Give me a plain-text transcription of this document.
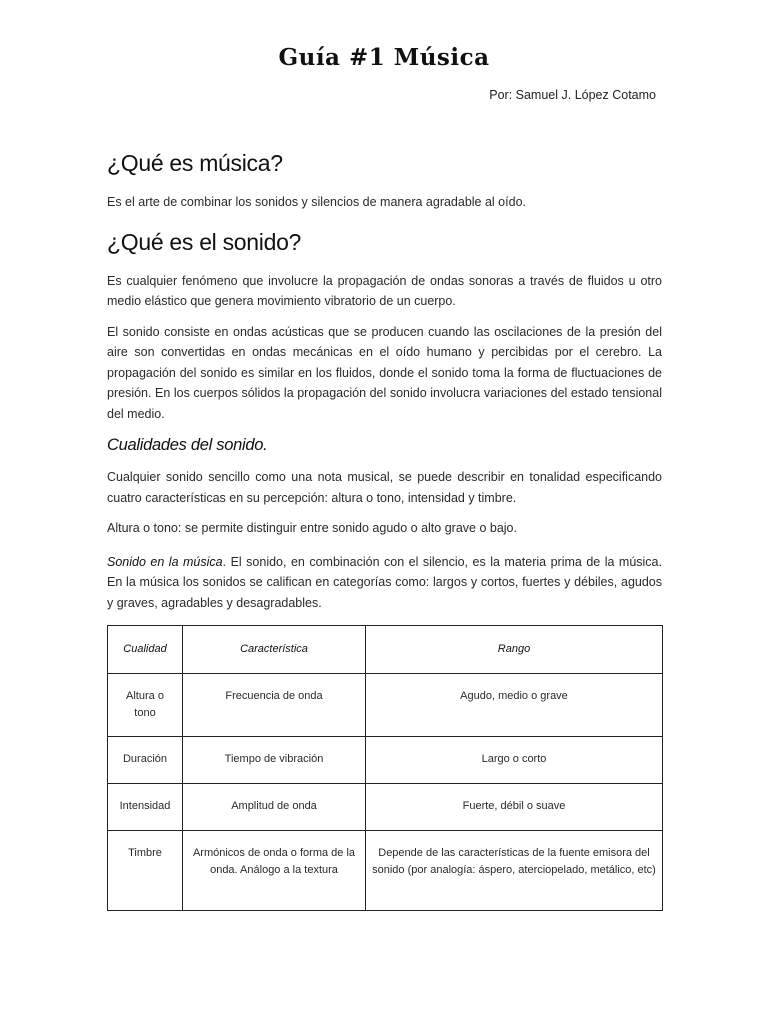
Guía #1 Música
Por: Samuel J. López Cotamo
¿Qué es música?

Es el arte de combinar los sonidos y silencios de manera agradable al oído.

¿Qué es el sonido?

Es cualquier fenómeno que involucre la propagación de ondas sonoras a través de fluidos u otro medio elástico que genera movimiento vibratorio de un cuerpo.

El sonido consiste en ondas acústicas que se producen cuando las oscilaciones de la presión del aire son convertidas en ondas mecánicas en el oído humano y percibidas por el cerebro. La propagación del sonido es similar en los fluidos, donde el sonido toma la forma de fluctuaciones de presión. En los cuerpos sólidos la propagación del sonido involucra variaciones del estado tensional del medio.

Cualidades del sonido.

Cualquier sonido sencillo como una nota musical, se puede describir en tonalidad especificando cuatro características en su percepción: altura o tono, intensidad y timbre.

Altura o tono: se permite distinguir entre sonido agudo o alto grave o bajo.

Sonido en la música. El sonido, en combinación con el silencio, es la materia prima de la música. En la música los sonidos se califican en categorías como: largos y cortos, fuertes y débiles, agudos y graves, agradables y desagradables.

Cualidad	Característica	Rango
Altura o tono	Frecuencia de onda	Agudo, medio o grave
Duración	Tiempo de vibración	Largo o corto
Intensidad	Amplitud de onda	Fuerte, débil o suave
Timbre	Armónicos de onda o forma de la onda. Análogo a la textura	Depende de las características de la fuente emisora del sonido (por analogía: áspero, aterciopelado, metálico, etc)
